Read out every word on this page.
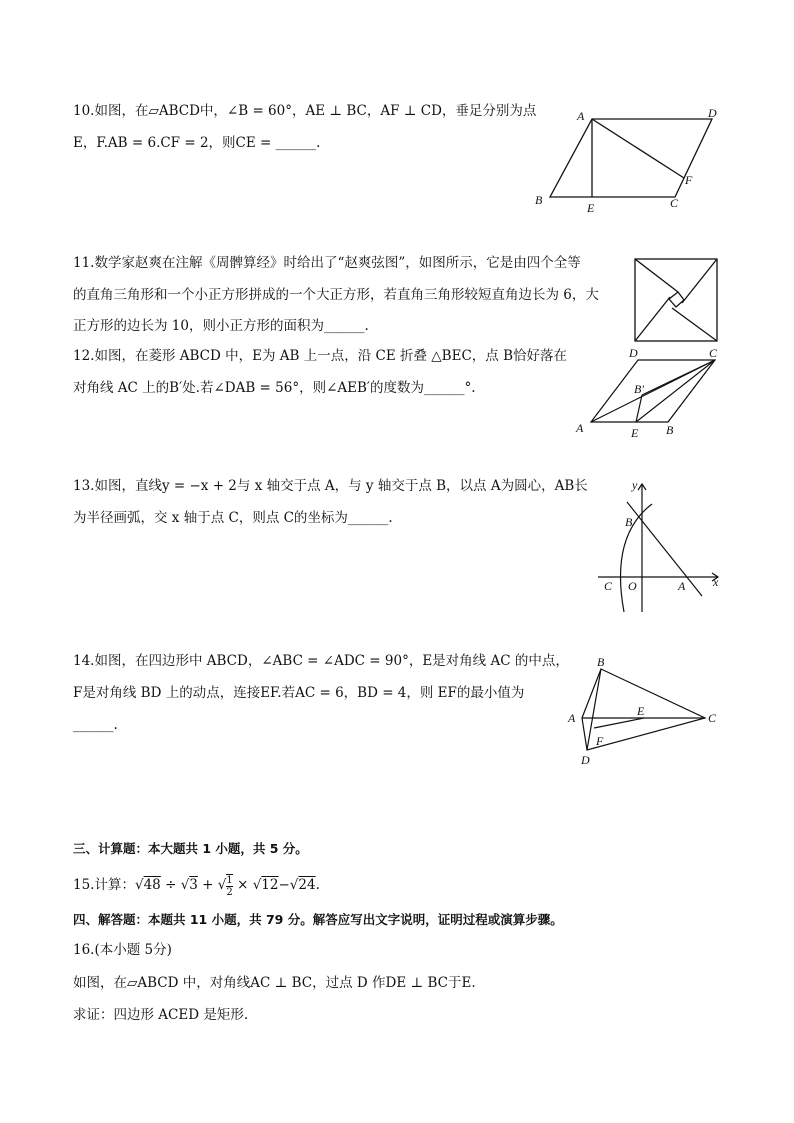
10.如图，在▱ABCD中，∠B = 60°，AE ⊥ BC，AF ⊥ CD，垂足分别为点
E，F.AB = 6.CF = 2，则CE = ______.
A	D
B
E	C
F
11.数学家赵爽在注解《周髀算经》时给出了“赵爽弦图”，如图所示，它是由四个全等
的直角三角形和一个小正方形拼成的一个大正方形，若直角三角形较短直角边长为 6，大
正方形的边长为 10，则小正方形的面积为______.
12.如图，在菱形 ABCD 中，E为 AB 上一点，沿 CE 折叠 △BEC，点 B恰好落在
对角线 AC 上的B′处.若∠DAB = 56°，则∠AEB′的度数为______°.
D	C
B′
A	E B
13.如图，直线y = −x + 2与 x 轴交于点 A，与 y 轴交于点 B，以点 A为圆心，AB长
为半径画弧，交 x 轴于点 C，则点 C的坐标为______.
y
B
C O	A x
14.如图，在四边形中 ABCD，∠ABC = ∠ADC = 90°，E是对角线 AC 的中点，
F是对角线 BD 上的动点，连接EF.若AC = 6，BD = 4，则 EF的最小值为
______.
B
A	E	C
F
D
三、计算题：本大题共 1 小题，共 5 分。
15.计算：√48 ÷ √3 + √ $\frac{1}{2} \times √12-√24$.
四、解答题：本题共 11 小题，共 79 分。解答应写出文字说明，证明过程或演算步骤。
16.(本小题 5分)
如图，在▱ABCD 中，对角线AC ⊥ BC，过点 D 作DE ⊥ BC于E.
求证：四边形 ACED 是矩形.
